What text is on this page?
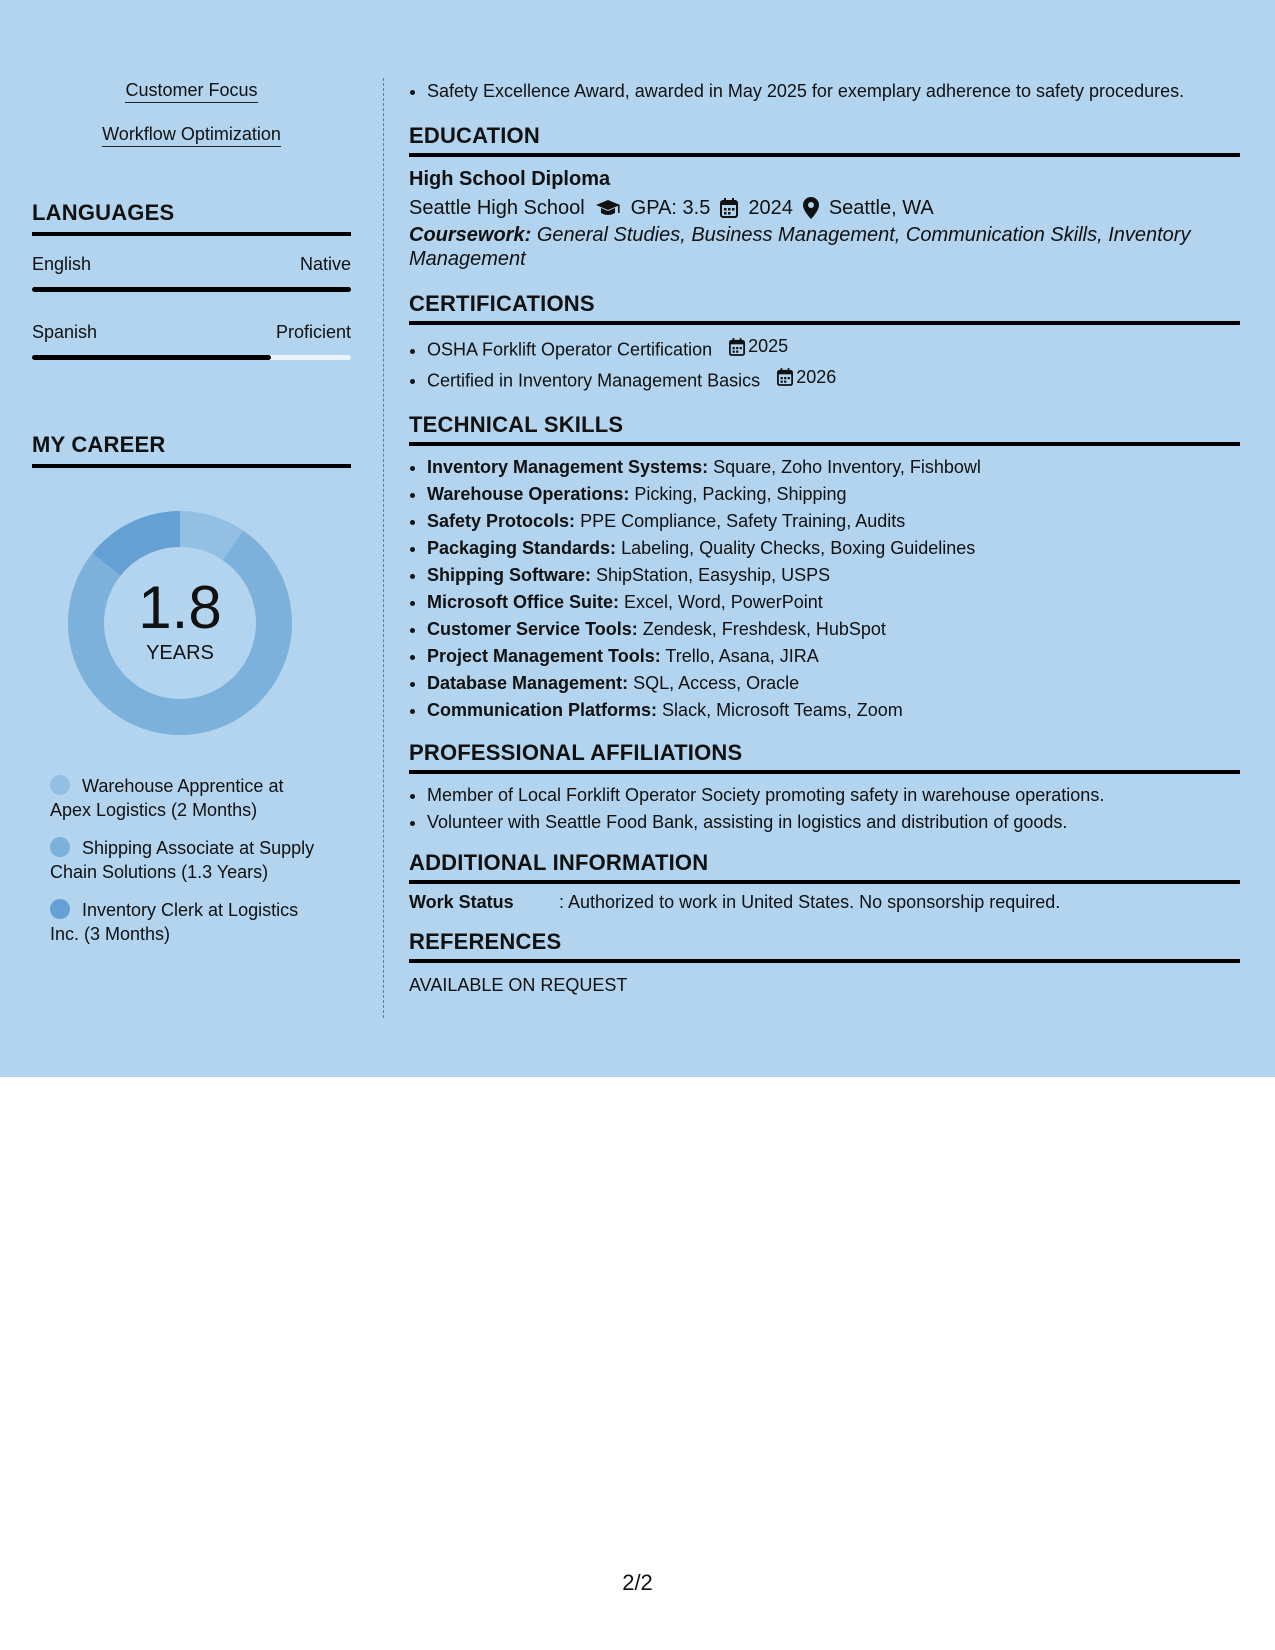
Customer Focus
Workflow Optimization
LANGUAGES
English	Native
Spanish	Proficient
MY CAREER
1.8
YEARS
Warehouse Apprentice at Apex Logistics (2 Months)
Shipping Associate at Supply Chain Solutions (1.3 Years)
Inventory Clerk at Logistics Inc. (3 Months)
• Safety Excellence Award, awarded in May 2025 for exemplary adherence to safety procedures.
EDUCATION
High School Diploma
Seattle High School GPA: 3.5 2024 Seattle, WA
Coursework: General Studies, Business Management, Communication Skills, Inventory Management
CERTIFICATIONS
• OSHA Forklift Operator Certification 2025
• Certified in Inventory Management Basics 2026
TECHNICAL SKILLS
• Inventory Management Systems: Square, Zoho Inventory, Fishbowl
• Warehouse Operations: Picking, Packing, Shipping
• Safety Protocols: PPE Compliance, Safety Training, Audits
• Packaging Standards: Labeling, Quality Checks, Boxing Guidelines
• Shipping Software: ShipStation, Easyship, USPS
• Microsoft Office Suite: Excel, Word, PowerPoint
• Customer Service Tools: Zendesk, Freshdesk, HubSpot
• Project Management Tools: Trello, Asana, JIRA
• Database Management: SQL, Access, Oracle
• Communication Platforms: Slack, Microsoft Teams, Zoom
PROFESSIONAL AFFILIATIONS
• Member of Local Forklift Operator Society promoting safety in warehouse operations.
• Volunteer with Seattle Food Bank, assisting in logistics and distribution of goods.
ADDITIONAL INFORMATION
Work Status	: Authorized to work in United States. No sponsorship required.
REFERENCES
AVAILABLE ON REQUEST
2/2
